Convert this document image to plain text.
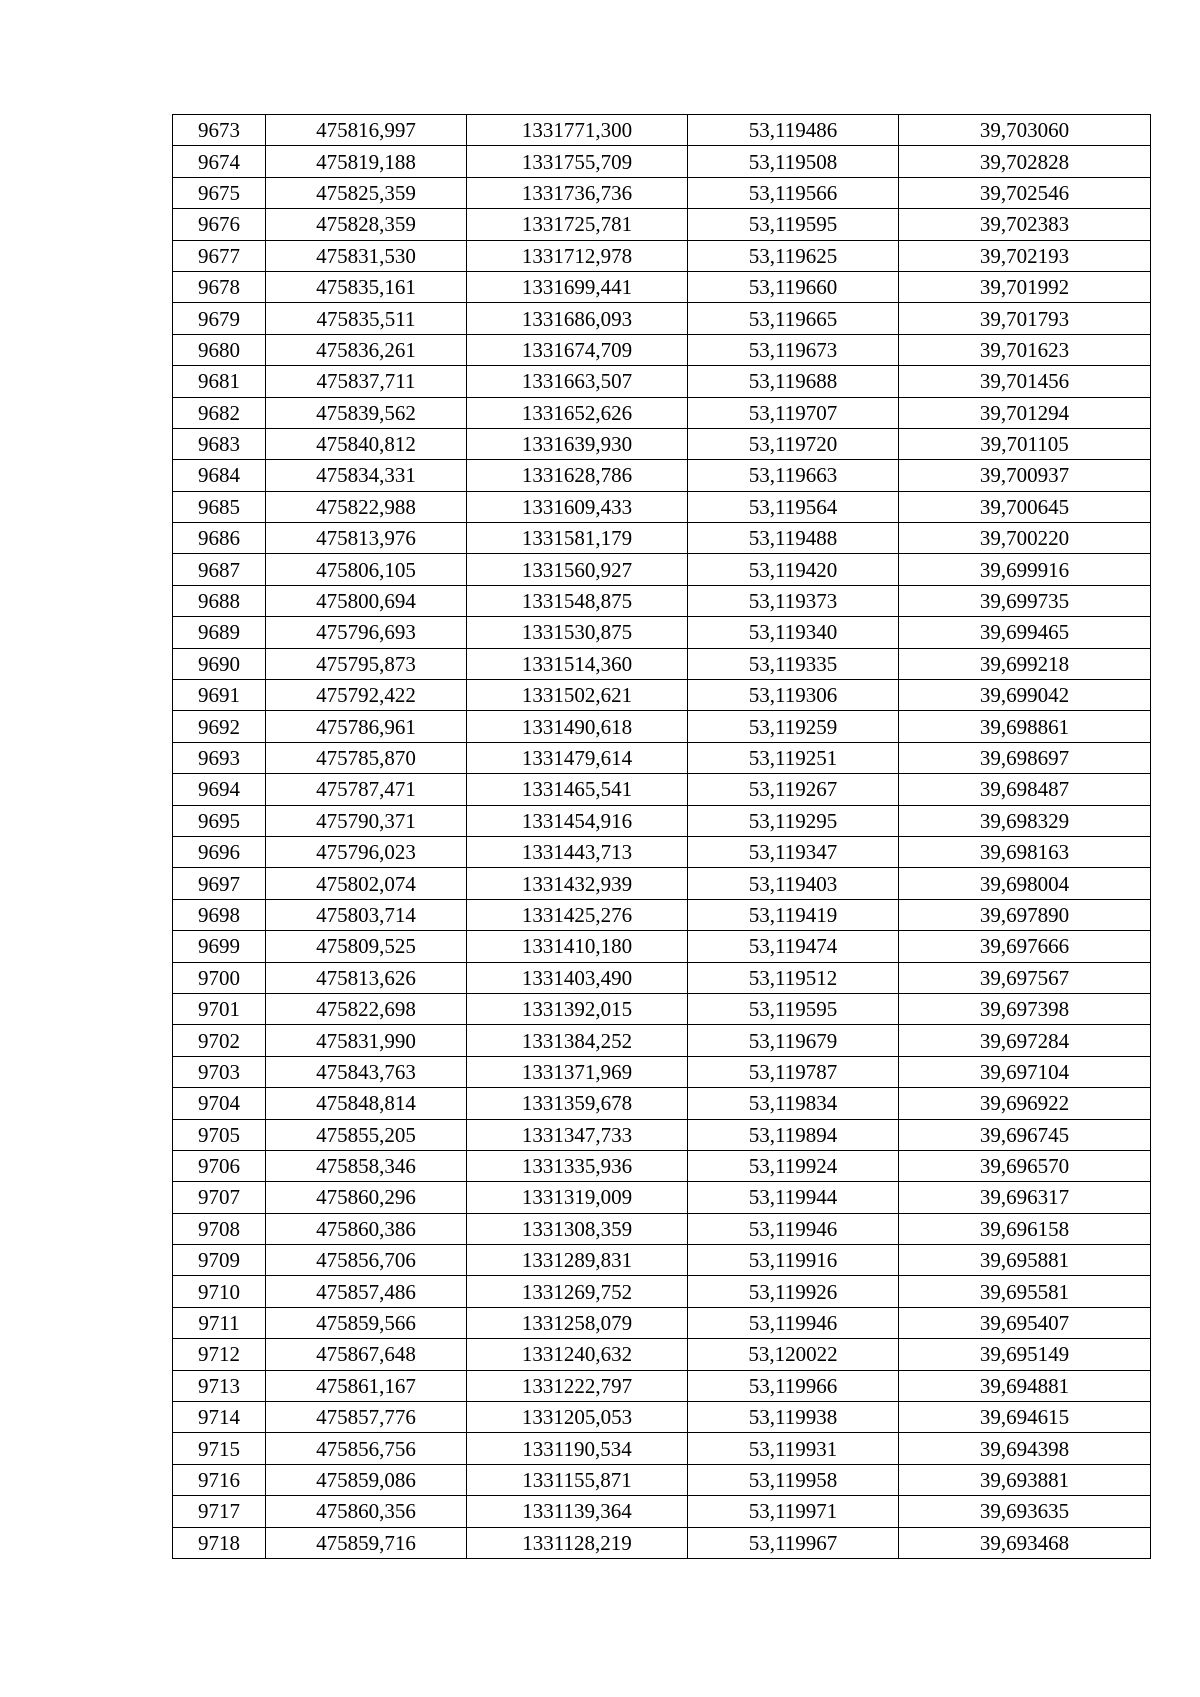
9673	475816,997	1331771,300	53,119486	39,703060
9674	475819,188	1331755,709	53,119508	39,702828
9675	475825,359	1331736,736	53,119566	39,702546
9676	475828,359	1331725,781	53,119595	39,702383
9677	475831,530	1331712,978	53,119625	39,702193
9678	475835,161	1331699,441	53,119660	39,701992
9679	475835,511	1331686,093	53,119665	39,701793
9680	475836,261	1331674,709	53,119673	39,701623
9681	475837,711	1331663,507	53,119688	39,701456
9682	475839,562	1331652,626	53,119707	39,701294
9683	475840,812	1331639,930	53,119720	39,701105
9684	475834,331	1331628,786	53,119663	39,700937
9685	475822,988	1331609,433	53,119564	39,700645
9686	475813,976	1331581,179	53,119488	39,700220
9687	475806,105	1331560,927	53,119420	39,699916
9688	475800,694	1331548,875	53,119373	39,699735
9689	475796,693	1331530,875	53,119340	39,699465
9690	475795,873	1331514,360	53,119335	39,699218
9691	475792,422	1331502,621	53,119306	39,699042
9692	475786,961	1331490,618	53,119259	39,698861
9693	475785,870	1331479,614	53,119251	39,698697
9694	475787,471	1331465,541	53,119267	39,698487
9695	475790,371	1331454,916	53,119295	39,698329
9696	475796,023	1331443,713	53,119347	39,698163
9697	475802,074	1331432,939	53,119403	39,698004
9698	475803,714	1331425,276	53,119419	39,697890
9699	475809,525	1331410,180	53,119474	39,697666
9700	475813,626	1331403,490	53,119512	39,697567
9701	475822,698	1331392,015	53,119595	39,697398
9702	475831,990	1331384,252	53,119679	39,697284
9703	475843,763	1331371,969	53,119787	39,697104
9704	475848,814	1331359,678	53,119834	39,696922
9705	475855,205	1331347,733	53,119894	39,696745
9706	475858,346	1331335,936	53,119924	39,696570
9707	475860,296	1331319,009	53,119944	39,696317
9708	475860,386	1331308,359	53,119946	39,696158
9709	475856,706	1331289,831	53,119916	39,695881
9710	475857,486	1331269,752	53,119926	39,695581
9711	475859,566	1331258,079	53,119946	39,695407
9712	475867,648	1331240,632	53,120022	39,695149
9713	475861,167	1331222,797	53,119966	39,694881
9714	475857,776	1331205,053	53,119938	39,694615
9715	475856,756	1331190,534	53,119931	39,694398
9716	475859,086	1331155,871	53,119958	39,693881
9717	475860,356	1331139,364	53,119971	39,693635
9718	475859,716	1331128,219	53,119967	39,693468
